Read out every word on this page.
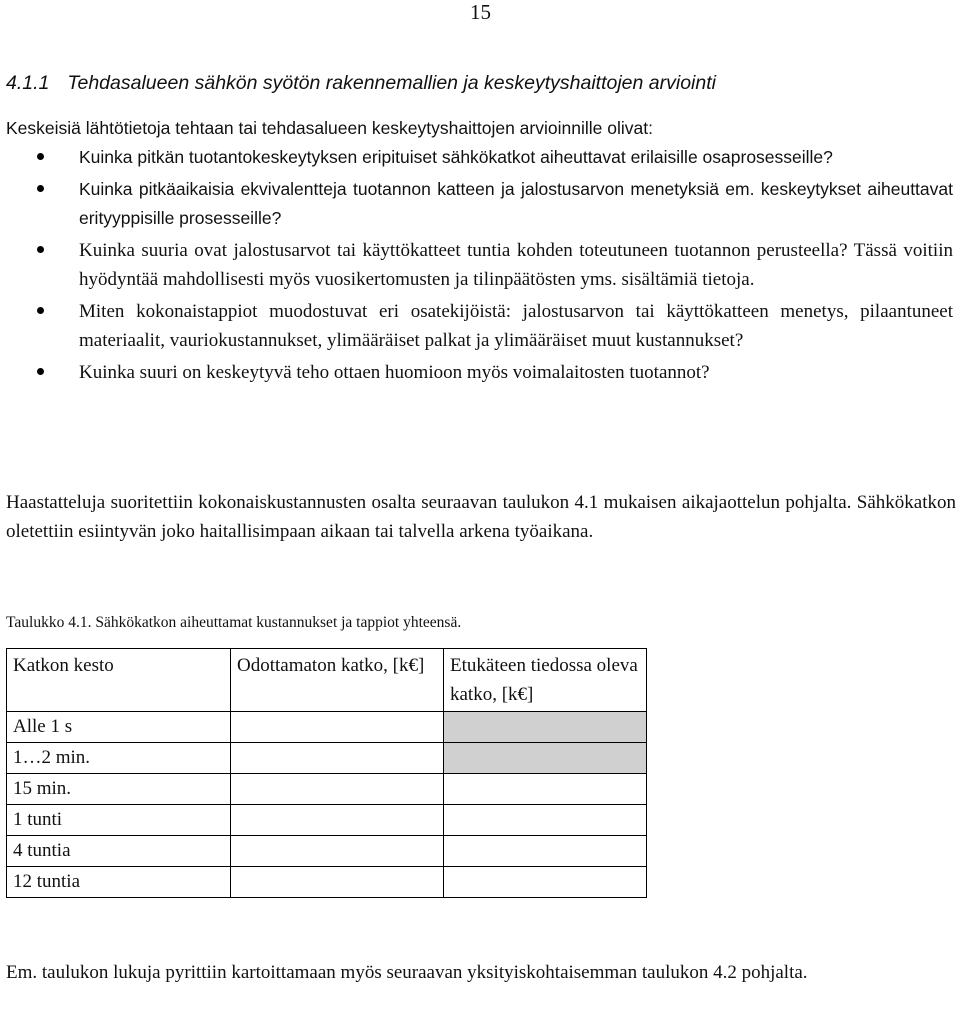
15
4.1.1 Tehdasalueen sähkön syötön rakennemallien ja keskeytyshaittojen arviointi
Keskeisiä lähtötietoja tehtaan tai tehdasalueen keskeytyshaittojen arvioinnille olivat:
Kuinka pitkän tuotantokeskeytyksen eripituiset sähkökatkot aiheuttavat erilaisille osaprosesseille?
Kuinka pitkäaikaisia ekvivalentteja tuotannon katteen ja jalostusarvon menetyksiä em. keskeytykset aiheuttavat erityyppisille prosesseille?
Kuinka suuria ovat jalostusarvot tai käyttökatteet tuntia kohden toteutuneen tuotannon perusteella? Tässä voitiin hyödyntää mahdollisesti myös vuosikertomusten ja tilinpäätösten yms. sisältämiä tietoja.
Miten kokonaistappiot muodostuvat eri osatekijöistä: jalostusarvon tai käyttökatteen menetys, pilaantuneet materiaalit, vauriokustannukset, ylimääräiset palkat ja ylimääräiset muut kustannukset?
Kuinka suuri on keskeytyvä teho ottaen huomioon myös voimalaitosten tuotannot?
Haastatteluja suoritettiin kokonaiskustannusten osalta seuraavan taulukon 4.1 mukaisen aikajaottelun pohjalta. Sähkökatkon oletettiin esiintyvän joko haitallisimpaan aikaan tai talvella arkena työaikana.
Taulukko 4.1. Sähkökatkon aiheuttamat kustannukset ja tappiot yhteensä.
Katkon kesto	Odottamaton katko, [k€]	Etukäteen tiedossa oleva katko, [k€]
Alle 1 s		
1…2 min.		
15 min.		
1 tunti		
4 tuntia		
12 tuntia		
Em. taulukon lukuja pyrittiin kartoittamaan myös seuraavan yksityiskohtaisemman taulukon 4.2 pohjalta.
